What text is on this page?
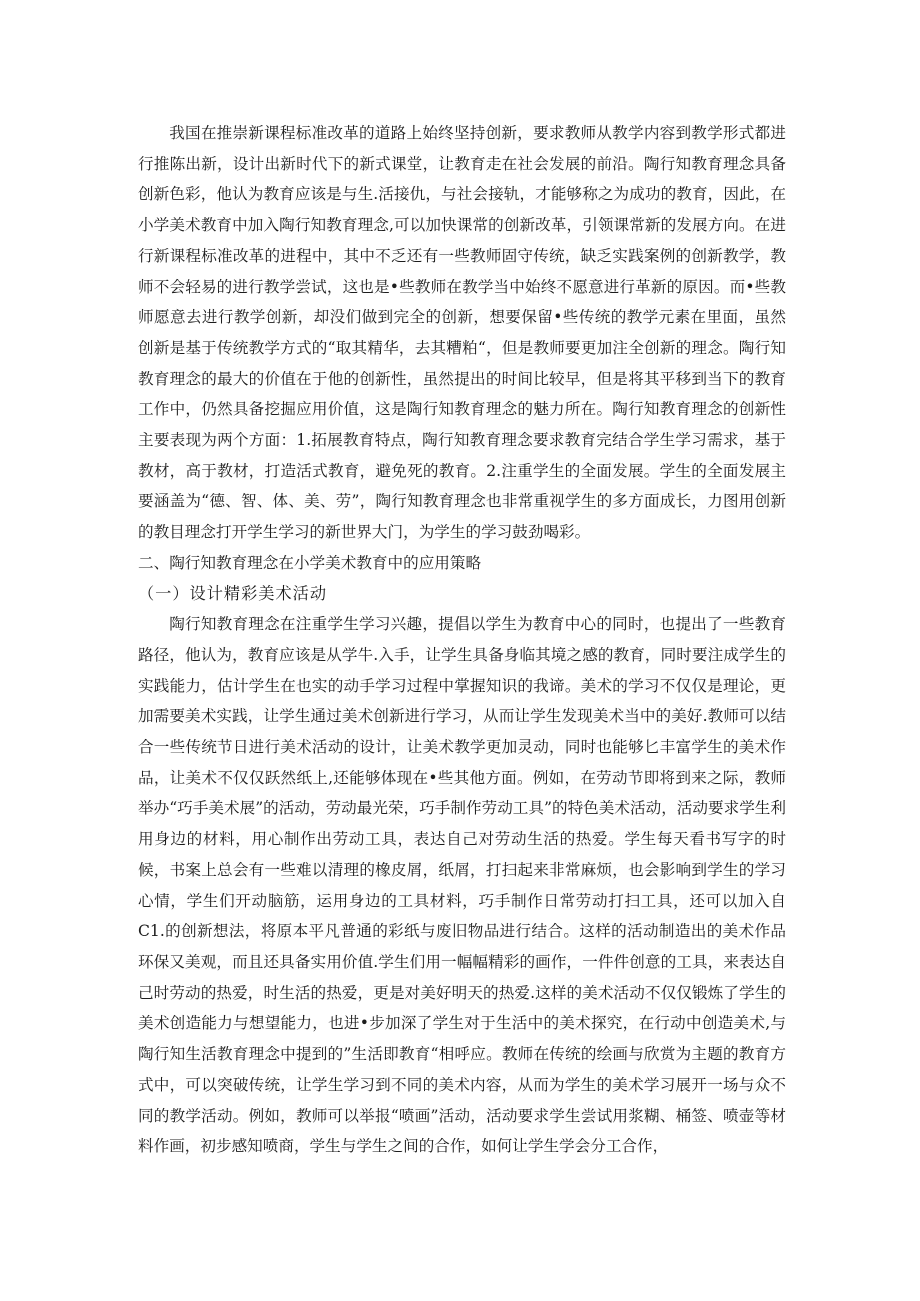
我国在推崇新课程标准改革的道路上始终坚持创新，要求教师从教学内容到教学形式都进行推陈出新，设计出新时代下的新式课堂，让教育走在社会发展的前沿。陶行知教育理念具备创新色彩，他认为教育应该是与生.活接仇，与社会接轨，才能够称之为成功的教育，因此，在小学美术教育中加入陶行知教育理念,可以加快课常的创新改革，引领课常新的发展方向。在进行新课程标准改革的进程中，其中不乏还有一些教师固守传统，缺乏实践案例的创新教学，教师不会轻易的进行教学尝试，这也是•些教师在教学当中始终不愿意进行革新的原因。而•些教师愿意去进行教学创新，却没们做到完全的创新，想要保留•些传统的教学元素在里面，虽然创新是基于传统教学方式的“取其精华，去其糟粕“，但是教师要更加注全创新的理念。陶行知教育理念的最大的价值在于他的创新性，虽然提出的时间比较早，但是将其平移到当下的教育工作中，仍然具备挖掘应用价值，这是陶行知教育理念的魅力所在。陶行知教育理念的创新性主要表现为两个方面：1.拓展教育特点，陶行知教育理念要求教育完结合学生学习需求，基于教材，高于教材，打造活式教育，避免死的教育。2.注重学生的全面发展。学生的全面发展主要涵盖为“德、智、体、美、劳”，陶行知教育理念也非常重视学生的多方面成长，力图用创新的教目理念打开学生学习的新世界大门，为学生的学习鼓劲喝彩。

二、陶行知教育理念在小学美术教育中的应用策略

（一）设计精彩美术活动

陶行知教育理念在注重学生学习兴趣，提倡以学生为教育中心的同时，也提出了一些教育路径，他认为，教育应该是从学牛.入手，让学生具备身临其境之感的教育，同时要注成学生的实践能力，估计学生在也实的动手学习过程中掌握知识的我谛。美术的学习不仅仅是理论，更加需要美术实践，让学生通过美术创新进行学习，从而让学生发现美术当中的美好.教师可以结合一些传统节日进行美术活动的设计，让美术教学更加灵动，同时也能够匕丰富学生的美术作品，让美术不仅仅跃然纸上,还能够体现在•些其他方面。例如，在劳动节即将到来之际，教师举办“巧手美术展”的活动，劳动最光荣，巧手制作劳动工具”的特色美术活动，活动要求学生利用身边的材料，用心制作出劳动工具，表达自己对劳动生活的热爱。学生每天看书写字的时候，书案上总会有一些难以清理的橡皮屑，纸屑，打扫起来非常麻烦，也会影响到学生的学习心情，学生们开动脑筋，运用身边的工具材料，巧手制作日常劳动打扫工具，还可以加入自C1.的创新想法，将原本平凡普通的彩纸与废旧物品进行结合。这样的活动制造出的美术作品环保又美观，而且还具备实用价值.学生们用一幅幅精彩的画作，一件件创意的工具，来表达自己时劳动的热爱，时生活的热爱，更是对美好明天的热爱.这样的美术活动不仅仅锻炼了学生的美术创造能力与想望能力，也进•步加深了学生对于生活中的美术探究，在行动中创造美术,与陶行知生活教育理念中提到的”生活即教育“相呼应。教师在传统的绘画与欣赏为主题的教育方式中，可以突破传统，让学生学习到不同的美术内容，从而为学生的美术学习展开一场与众不同的教学活动。例如，教师可以举报“喷画”活动，活动要求学生尝试用浆糊、桶签、喷壶等材料作画，初步感知喷商，学生与学生之间的合作，如何让学生学会分工合作，
